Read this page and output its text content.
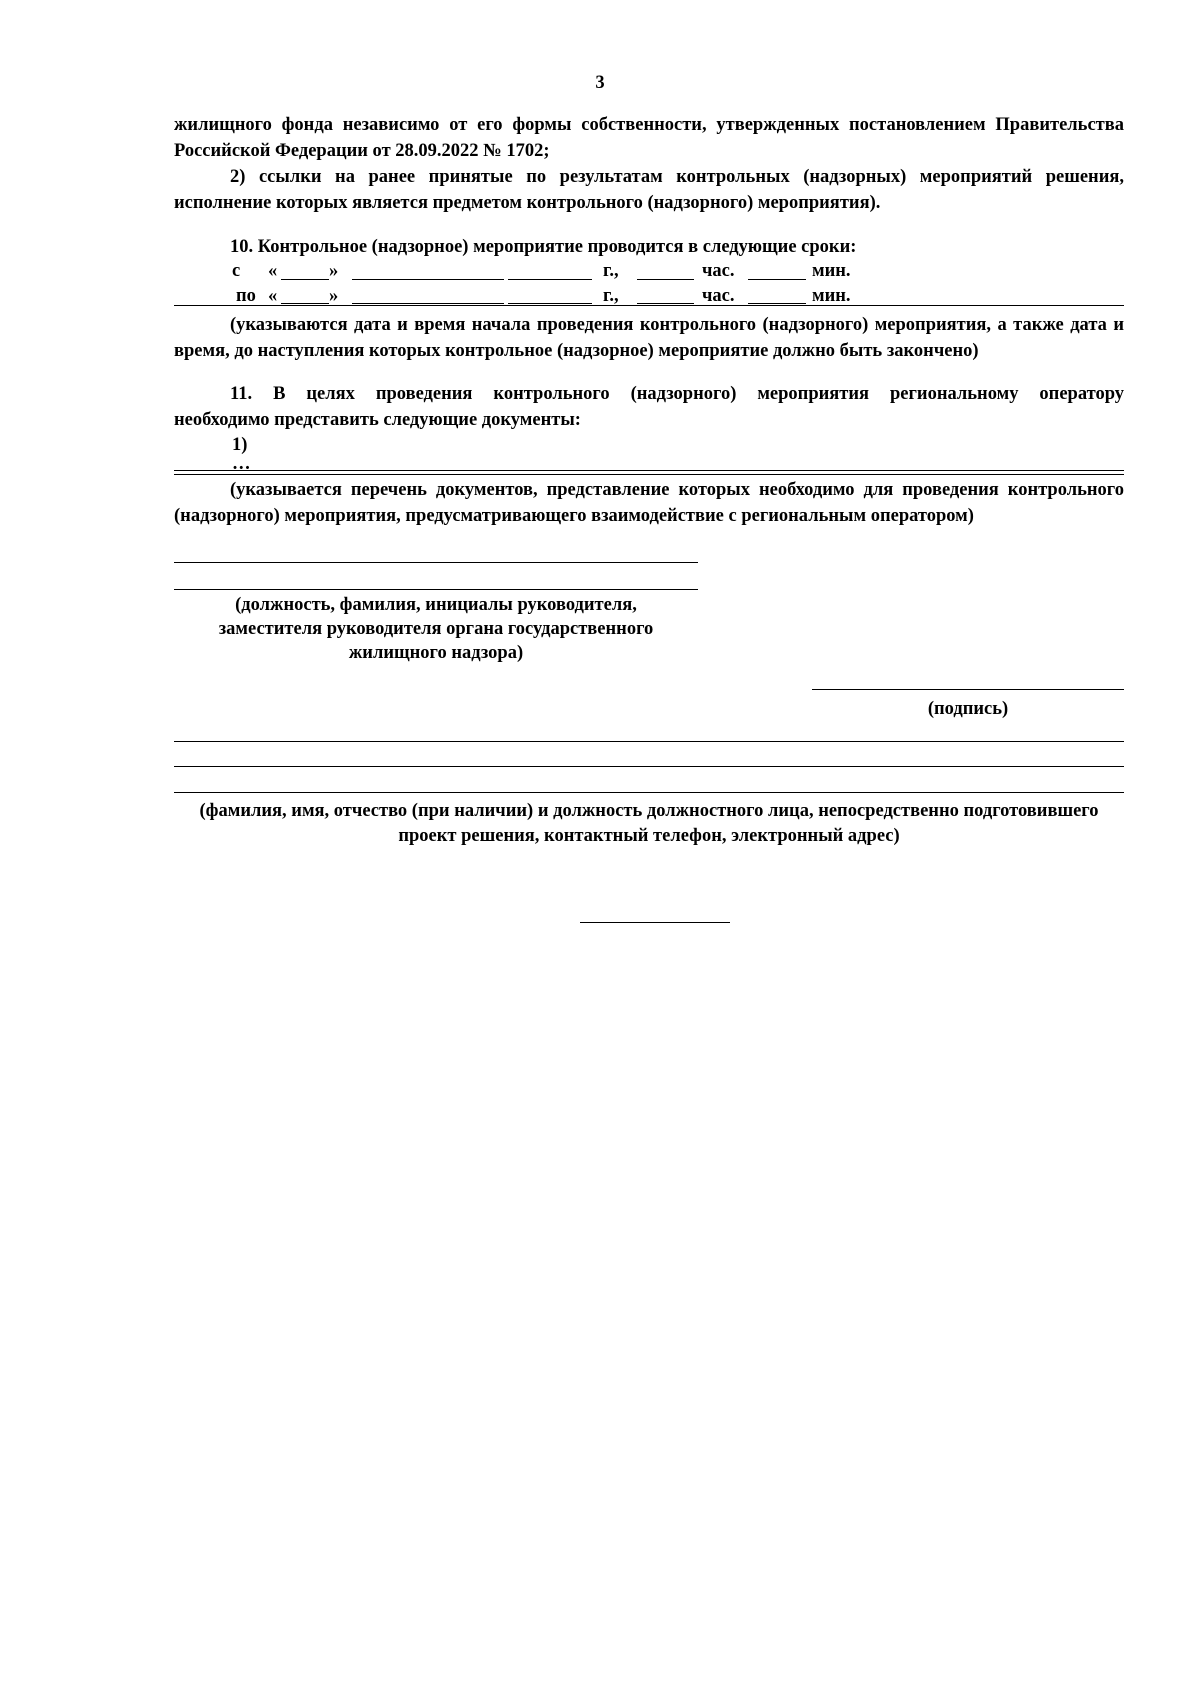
3
жилищного фонда независимо от его формы собственности, утвержденных постановлением Правительства
Российской Федерации от 28.09.2022 № 1702;
2) ссылки на ранее принятые по результатам контрольных (надзорных) мероприятий решения,
исполнение которых является предметом контрольного (надзорного) мероприятия).
10. Контрольное (надзорное) мероприятие проводится в следующие сроки:
с «	»	г.,	час.	мин.
по «	»	г.,	час.	мин.
(указываются дата и время начала проведения контрольного (надзорного) мероприятия, а также дата и
время, до наступления которых контрольное (надзорное) мероприятие должно быть закончено)
11. В целях проведения контрольного (надзорного) мероприятия региональному оператору
необходимо представить следующие документы:
1)
…
(указывается перечень документов, представление которых необходимо для проведения контрольного
(надзорного) мероприятия, предусматривающего взаимодействие с региональным оператором)
(должность, фамилия, инициалы руководителя,
заместителя руководителя органа государственного
жилищного надзора)
(подпись)
(фамилия, имя, отчество (при наличии) и должность должностного лица, непосредственно подготовившего
проект решения, контактный телефон, электронный адрес)
